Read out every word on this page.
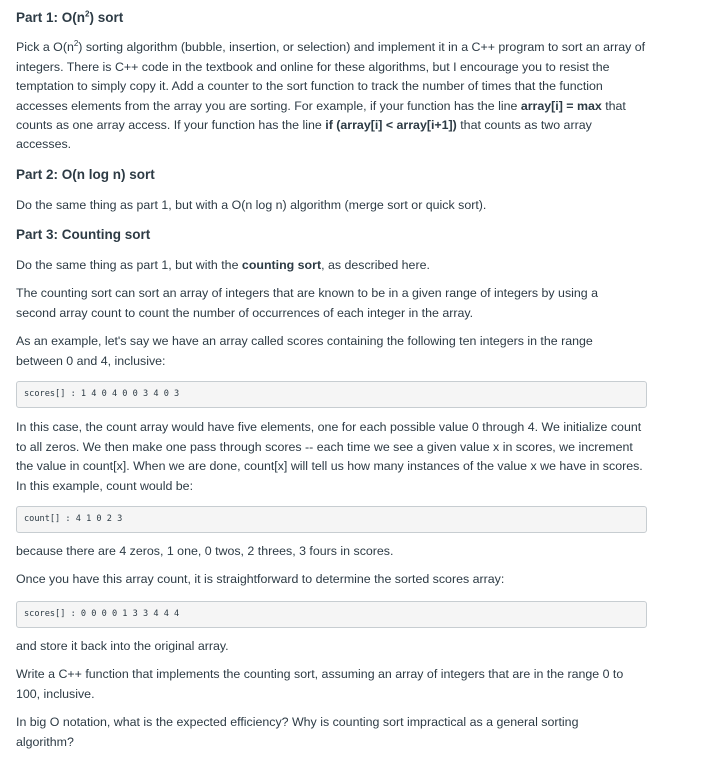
Part 1: $O(n^2)$ sort

Pick a $O(n^2)$ sorting algorithm (bubble, insertion, or selection) and implement it in a C++ program to sort an array of integers. There is C++ code in the textbook and online for these algorithms, but I encourage you to resist the temptation to simply copy it. Add a counter to the sort function to track the number of times that the function accesses elements from the array you are sorting. For example, if your function has the line array[i] = max that counts as one array access. If your function has the line if (array[i] < array[i+1]) that counts as two array

accesses.

Part 2: O(n log n) sort

Do the same thing as part 1, but with a O(n log n) algorithm (merge sort or quick sort).

Part 3: Counting sort

Do the same thing as part 1, but with the counting sort, as described here.

The counting sort can sort an array of integers that are known to be in a given range of integers by using a second array count to count the number of occurrences of each integer in the array.

As an example, let's say we have an array called scores containing the following ten integers in the range between 0 and 4, inclusive:

scores[] : 1 4 0 4 0 0 3 4 0 3

In this case, the count array would have five elements, one for each possible value 0 through 4. We initialize count to all zeros. We then make one pass through scores -- each time we see a given value x in scores, we increment the value in count[x]. When we are done, count[x] will tell us how many instances of the value x we have in scores. In this example, count would be:

count[] : 4 1 0 2 3

because there are 4 zeros, 1 one, 0 twos, 2 threes, 3 fours in scores.

Once you have this array count, it is straightforward to determine the sorted scores array:

scores[] : 0 0 0 0 1 3 3 4 4 4

and store it back into the original array.

Write a C++ function that implements the counting sort, assuming an array of integers that are in the range 0 to 100, inclusive.

In big O notation, what is the expected efficiency? Why is counting sort impractical as a general sorting algorithm?
